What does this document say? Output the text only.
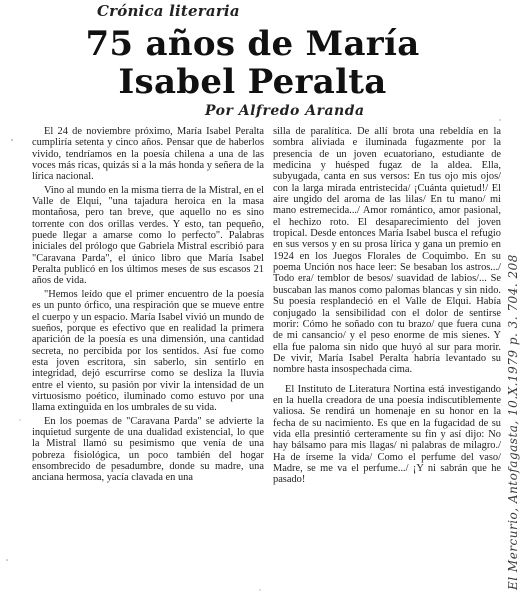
Crónica literaria
75 años de María
Isabel Peralta
Por Alfredo Aranda

El 24 de noviembre próximo, María Isabel Peralta cumpliría setenta y cinco años. Pensar que de haberlos vivido, tendríamos en la poesía chilena a una de las voces más ricas, quizás si a la más honda y señera de la lírica nacional.

Vino al mundo en la misma tierra de la Mistral, en el Valle de Elqui, "una tajadura heroica en la masa montañosa, pero tan breve, que aquello no es sino torrente con dos orillas verdes. Y esto, tan pequeño, puede llegar a amarse como lo perfecto". Palabras iniciales del prólogo que Gabriela Mistral escribió para "Caravana Parda", el único libro que María Isabel Peralta publicó en los últimos meses de sus escasos 21 años de vida.

"Hemos leído que el primer encuentro de la poesía es un punto órfico, una respiración que se mueve entre el cuerpo y un espacio. María Isabel vivió un mundo de sueños, porque es efectivo que en realidad la primera aparición de la poesía es una dimensión, una cantidad secreta, no percibida por los sentidos. Así fue como esta joven escritora, sin saberlo, sin sentirlo en integridad, dejó escurrirse como se desliza la lluvia entre el viento, su pasión por vivir la intensidad de un virtuosismo poético, iluminado como estuvo por una llama extinguida en los umbrales de su vida.

En los poemas de "Caravana Parda" se advierte la inquietud surgente de una dualidad existencial, lo que la Mistral llamó su pesimismo que venía de una pobreza fisiológica, un poco también del hogar ensombrecido de pesadumbre, donde su madre, una anciana hermosa, yacía clavada en una

silla de paralítica. De allí brota una rebeldía en la sombra aliviada e iluminada fugazmente por la presencia de un joven ecuatoriano, estudiante de medicina y huésped fugaz de la aldea. Ella, subyugada, canta en sus versos: En tus ojo mis ojos/ con la larga mirada entristecida/ ¡Cuánta quietud!/ El aire ungido del aroma de las lilas/ En tu mano/ mi mano estremecida.../ Amor romántico, amor pasional, el hechizo roto. El desaparecimiento del joven tropical. Desde entonces María Isabel busca el refugio en sus versos y en su prosa lírica y gana un premio en 1924 en los Juegos Florales de Coquimbo. En su poema Unción nos hace leer: Se besaban los astros.../ Todo era/ temblor de besos/ suavidad de labios/... Se buscaban las manos como palomas blancas y sin nido. Su poesía resplandeció en el Valle de Elqui. Había conjugado la sensibilidad con el dolor de sentirse morir: Cómo he soñado con tu brazo/ que fuera cuna de mi cansancio/ y el peso enorme de mis sienes. Y ella fue paloma sin nido que huyó al sur para morir. De vivir, María Isabel Peralta habría levantado su nombre hasta insospechada cima.

El Instituto de Literatura Nortina está investigando en la huella creadora de una poesía indiscutiblemente valiosa. Se rendirá un homenaje en su honor en la fecha de su nacimiento. Es que en la fugacidad de su vida ella presintió certeramente su fin y así dijo: No hay bálsamo para mis llagas/ ni palabras de milagro./ Ha de írseme la vida/ Como el perfume del vaso/ Madre, se me va el perfume.../ ¡Y ni sabrán que he pasado!	El Mercurio, Antofagasta, 10.X.1979 p. 3. 704. 208
